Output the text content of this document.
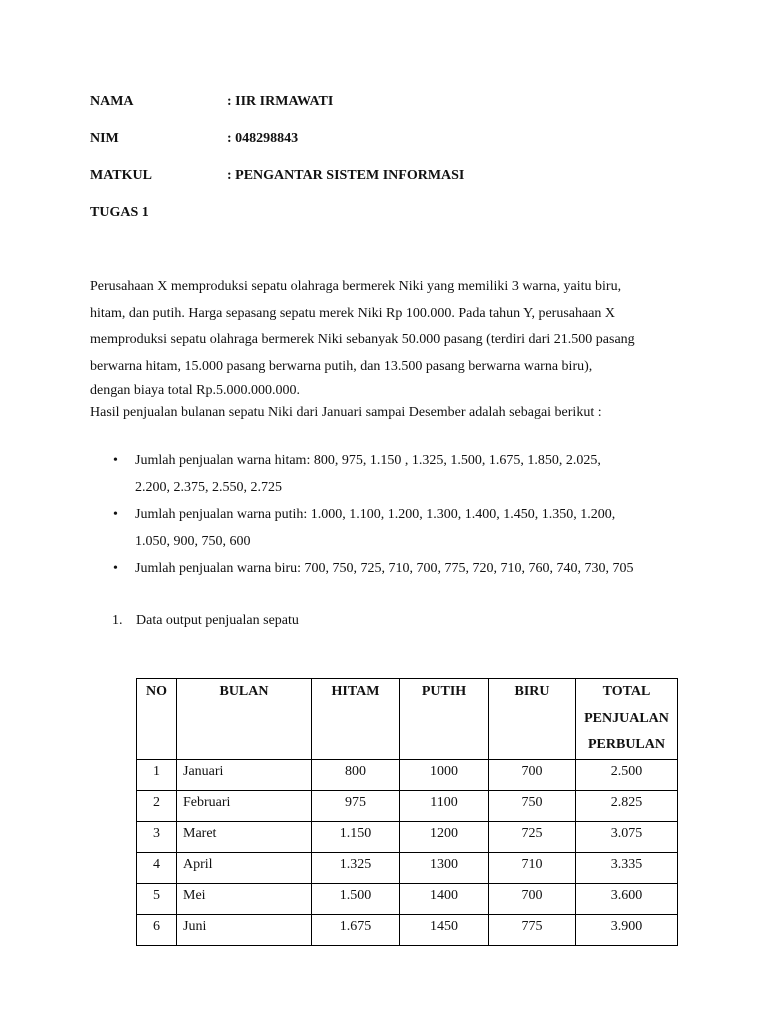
NAMA	: IIR IRMAWATI
NIM	: 048298843
MATKUL	: PENGANTAR SISTEM INFORMASI
TUGAS 1

Perusahaan X memproduksi sepatu olahraga bermerek Niki yang memiliki 3 warna, yaitu biru,

hitam, dan putih. Harga sepasang sepatu merek Niki Rp 100.000. Pada tahun Y, perusahaan X

memproduksi sepatu olahraga bermerek Niki sebanyak 50.000 pasang (terdiri dari 21.500 pasang

berwarna hitam, 15.000 pasang berwarna putih, dan 13.500 pasang berwarna warna biru),

dengan biaya total Rp.5.000.000.000.

Hasil penjualan bulanan sepatu Niki dari Januari sampai Desember adalah sebagai berikut :

• Jumlah penjualan warna hitam: 800, 975, 1.150 , 1.325, 1.500, 1.675, 1.850, 2.025,
2.200, 2.375, 2.550, 2.725
• Jumlah penjualan warna putih: 1.000, 1.100, 1.200, 1.300, 1.400, 1.450, 1.350, 1.200,
1.050, 900, 750, 600
• Jumlah penjualan warna biru: 700, 750, 725, 710, 700, 775, 720, 710, 760, 740, 730, 705
1. Data output penjualan sepatu
NO	BULAN	HITAM	PUTIH	BIRU	TOTAL
PENJUALAN
PERBULAN

1	Januari	800	1000	700	2.500
2	Februari	975	1100	750	2.825
3	Maret	1.150	1200	725	3.075
4	April	1.325	1300	710	3.335
5	Mei	1.500	1400	700	3.600
6	Juni	1.675	1450	775	3.900
